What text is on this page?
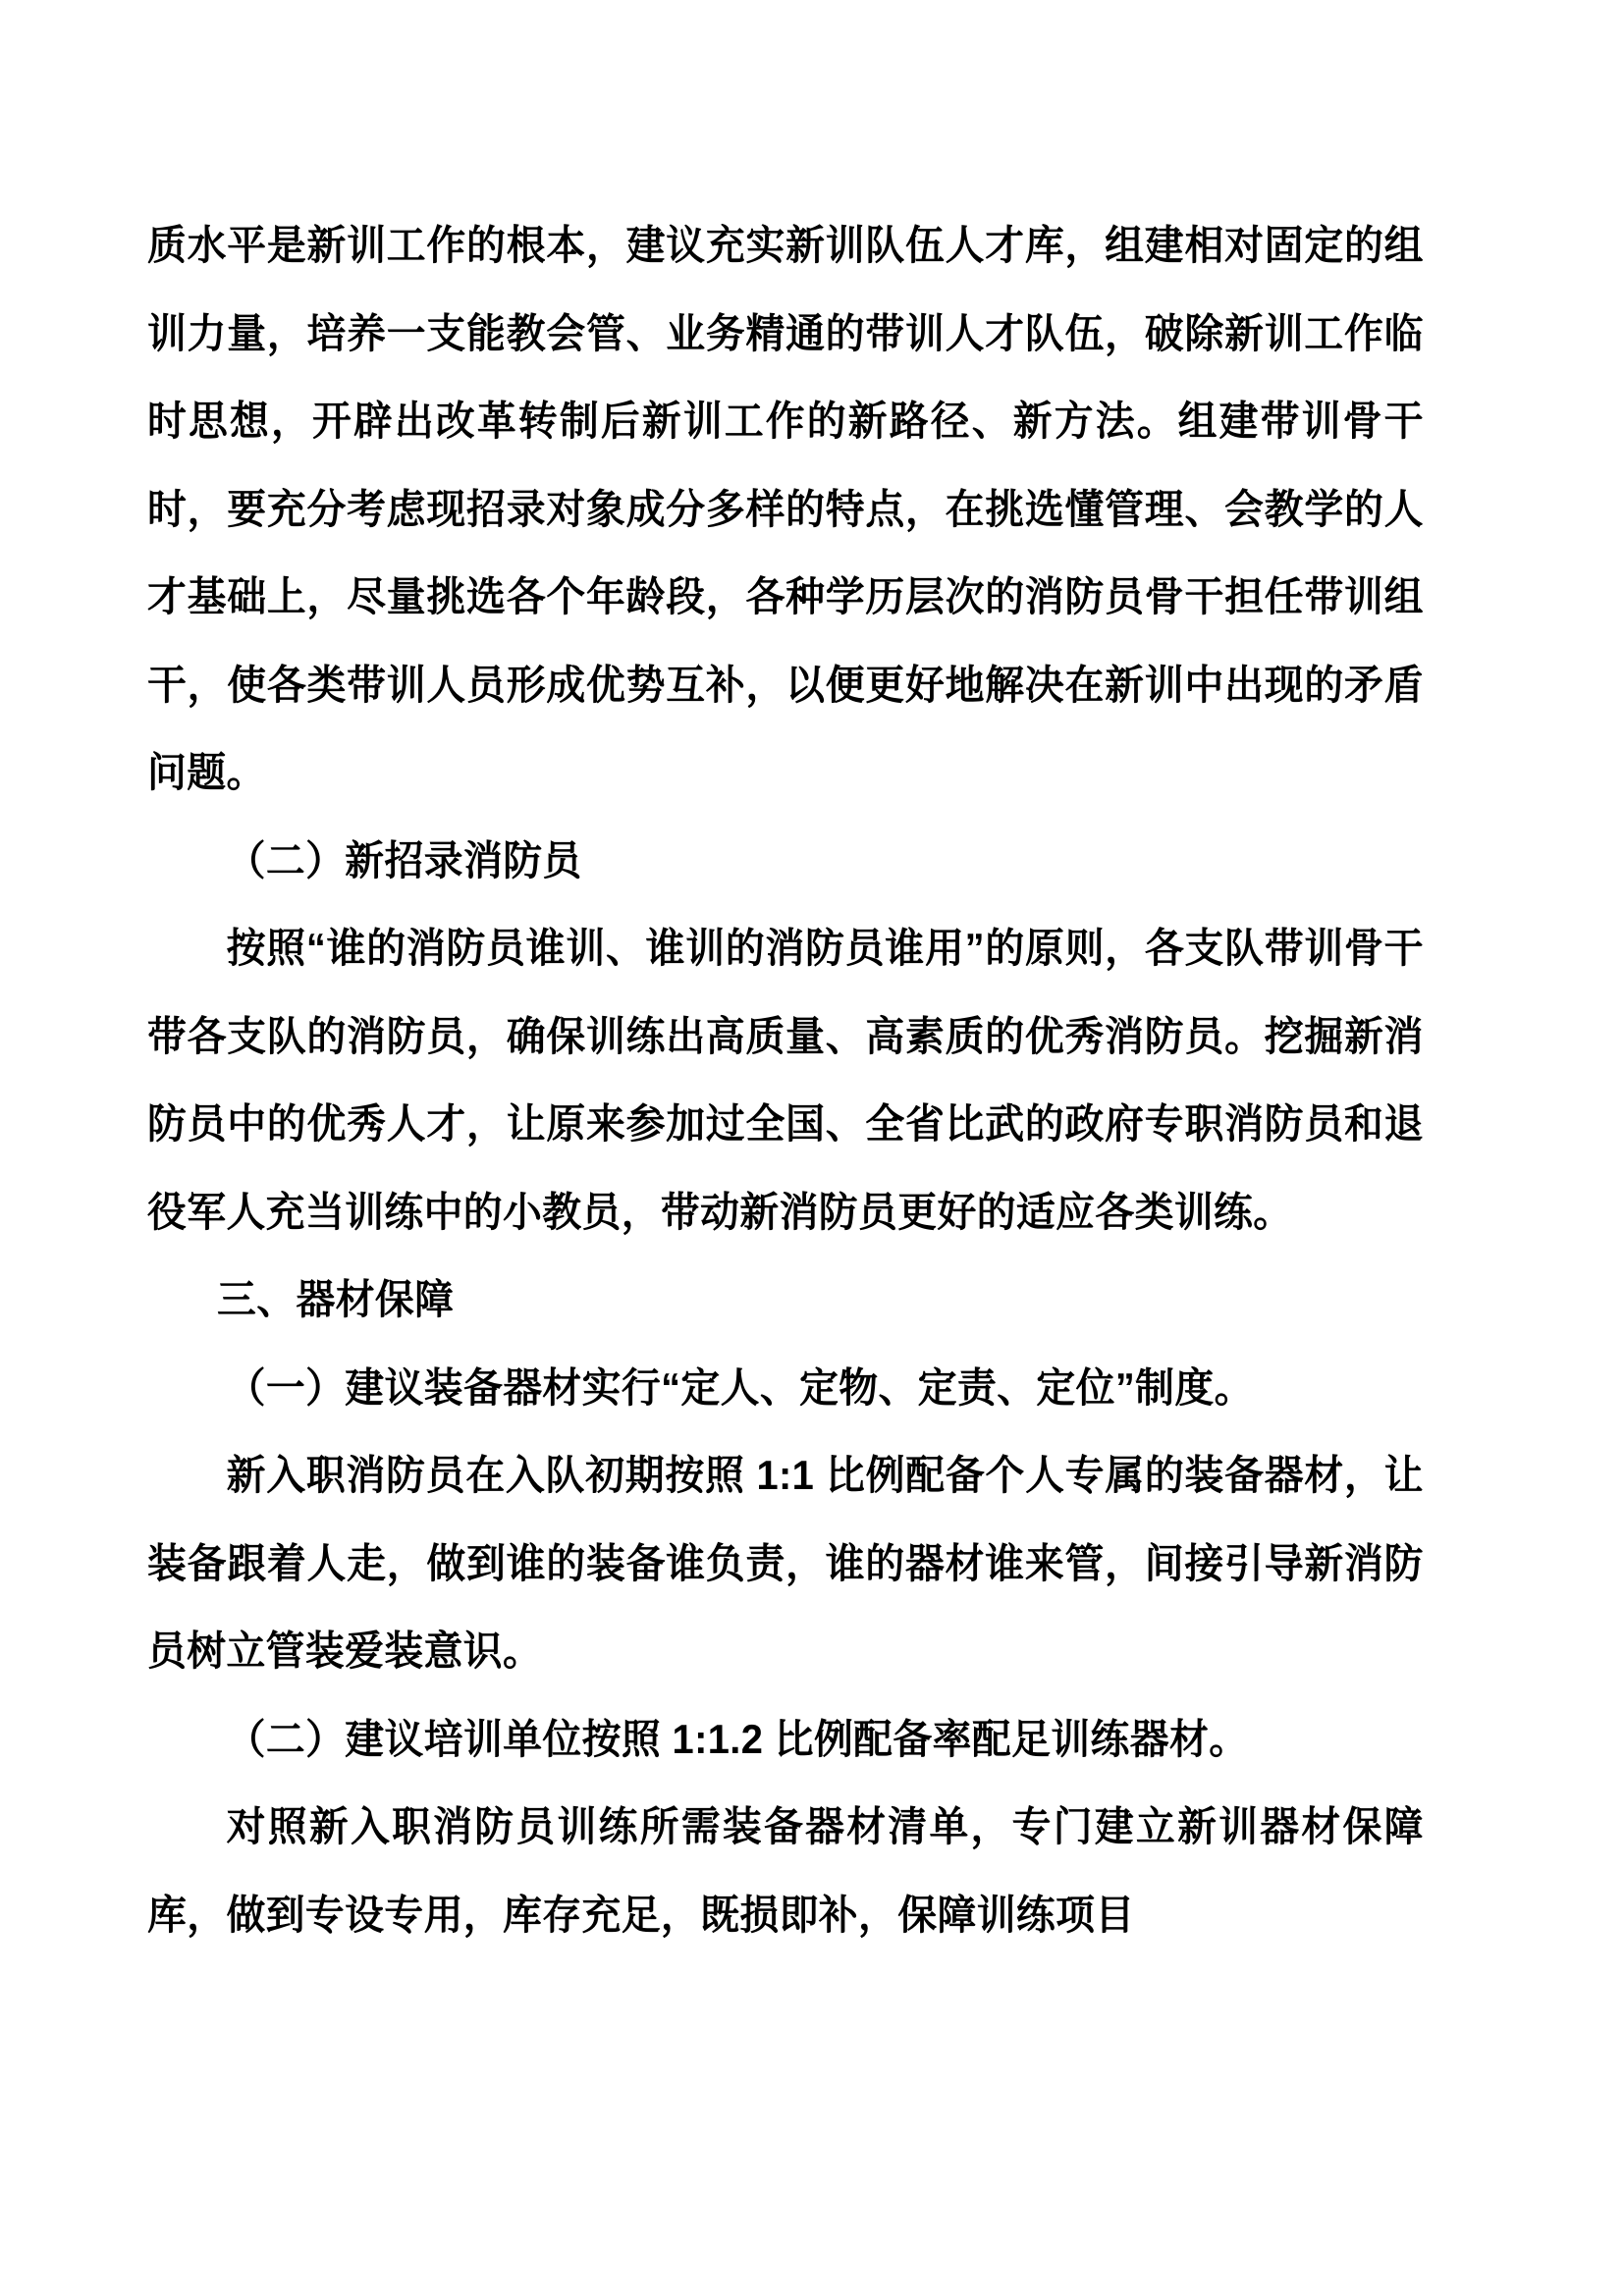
质水平是新训工作的根本，建议充实新训队伍人才库，组建相对固定的组训力量，培养一支能教会管、业务精通的带训人才队伍，破除新训工作临时思想，开辟出改革转制后新训工作的新路径、新方法。组建带训骨干时，要充分考虑现招录对象成分多样的特点，在挑选懂管理、会教学的人才基础上，尽量挑选各个年龄段，各种学历层次的消防员骨干担任带训组干，使各类带训人员形成优势互补，以便更好地解决在新训中出现的矛盾问题。

（二）新招录消防员

按照“谁的消防员谁训、谁训的消防员谁用”的原则，各支队带训骨干带各支队的消防员，确保训练出高质量、高素质的优秀消防员。挖掘新消防员中的优秀人才，让原来参加过全国、全省比武的政府专职消防员和退役军人充当训练中的小教员，带动新消防员更好的适应各类训练。

三、器材保障

（一）建议装备器材实行“定人、定物、定责、定位”制度。

新入职消防员在入队初期按照 1:1 比例配备个人专属的装备器材，让装备跟着人走，做到谁的装备谁负责，谁的器材谁来管，间接引导新消防员树立管装爱装意识。

（二）建议培训单位按照 1:1.2 比例配备率配足训练器材。

对照新入职消防员训练所需装备器材清单，专门建立新训器材保障库，做到专设专用，库存充足，既损即补，保障训练项目
